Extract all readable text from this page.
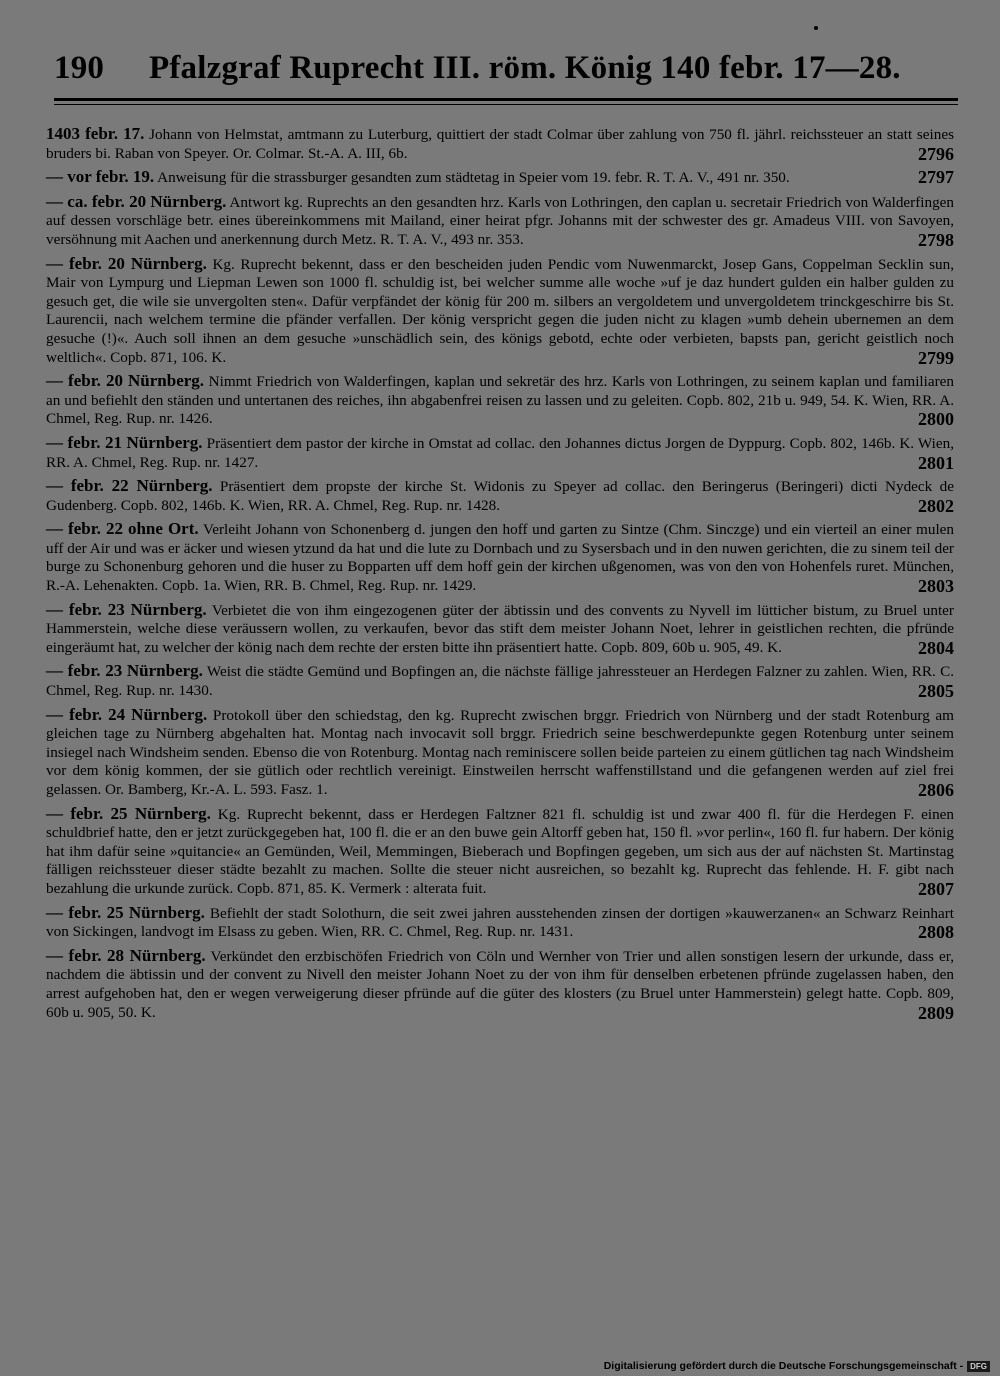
190	Pfalzgraf Ruprecht III. röm. König 140 febr. 17—28.
1403 febr. 17. Johann von Helmstat, amtmann zu Luterburg, quittiert der stadt Colmar über zahlung von 750 fl. jährl. reichssteuer an statt seines bruders bi. Raban von Speyer. Or. Colmar. St.-A. A. III, 6b.	2796
— vor febr. 19. Anweisung für die strassburger gesandten zum städtetag in Speier vom 19. febr. R. T. A. V., 491 nr. 350.	2797
— ca. febr. 20 Nürnberg. Antwort kg. Ruprechts an den gesandten hrz. Karls von Lothringen, den caplan u. secretair Friedrich von Walderfingen auf dessen vorschläge betr. eines übereinkommens mit Mailand, einer heirat pfgr. Johanns mit der schwester des gr. Amadeus VIII. von Savoyen, versöhnung mit Aachen und anerkennung durch Metz. R. T. A. V., 493 nr. 353.	2798
— febr. 20 Nürnberg. Kg. Ruprecht bekennt, dass er den bescheiden juden Pendic vom Nuwenmarckt, Josep Gans, Coppelman Secklin sun, Mair von Lympurg und Liepman Lewen son 1000 fl. schuldig ist, bei welcher summe alle woche »uf je daz hundert gulden ein halber gulden zu gesuch get, die wile sie unvergolten sten«. Dafür verpfändet der könig für 200 m. silbers an vergoldetem und unvergoldetem trinckgeschirre bis St. Laurencii, nach welchem termine die pfänder verfallen. Der könig verspricht gegen die juden nicht zu klagen »umb dehein ubernemen an dem gesuche (!)«. Auch soll ihnen an dem gesuche »unschädlich sein, des königs gebotd, echte oder verbieten, bapsts pan, gericht geistlich noch weltlich«. Copb. 871, 106. K.	2799
— febr. 20 Nürnberg. Nimmt Friedrich von Walderfingen, kaplan und sekretär des hrz. Karls von Lothringen, zu seinem kaplan und familiaren an und befiehlt den ständen und untertanen des reiches, ihn abgabenfrei reisen zu lassen und zu geleiten. Copb. 802, 21b u. 949, 54. K. Wien, RR. A. Chmel, Reg. Rup. nr. 1426.	2800
— febr. 21 Nürnberg. Präsentiert dem pastor der kirche in Omstat ad collac. den Johannes dictus Jorgen de Dyppurg. Copb. 802, 146b. K. Wien, RR. A. Chmel, Reg. Rup. nr. 1427.	2801
— febr. 22 Nürnberg. Präsentiert dem propste der kirche St. Widonis zu Speyer ad collac. den Beringerus (Beringeri) dicti Nydeck de Gudenberg. Copb. 802, 146b. K. Wien, RR. A. Chmel, Reg. Rup. nr. 1428.	2802
— febr. 22 ohne Ort. Verleiht Johann von Schonenberg d. jungen den hoff und garten zu Sintze (Chm. Sinczge) und ein vierteil an einer mulen uff der Air und was er äcker und wiesen ytzund da hat und die lute zu Dornbach und zu Sysersbach und in den nuwen gerichten, die zu sinem teil der burge zu Schonenburg gehoren und die huser zu Bopparten uff dem hoff gein der kirchen ußgenomen, was von den von Hohenfels ruret. München, R.-A. Lehenakten. Copb. 1a. Wien, RR. B. Chmel, Reg. Rup. nr. 1429.	2803
— febr. 23 Nürnberg. Verbietet die von ihm eingezogenen güter der äbtissin und des convents zu Nyvell im lütticher bistum, zu Bruel unter Hammerstein, welche diese veräussern wollen, zu verkaufen, bevor das stift dem meister Johann Noet, lehrer in geistlichen rechten, die pfründe eingeräumt hat, zu welcher der könig nach dem rechte der ersten bitte ihn präsentiert hatte. Copb. 809, 60b u. 905, 49. K.	2804
— febr. 23 Nürnberg. Weist die städte Gemünd und Bopfingen an, die nächste fällige jahressteuer an Herdegen Falzner zu zahlen. Wien, RR. C. Chmel, Reg. Rup. nr. 1430.	2805
— febr. 24 Nürnberg. Protokoll über den schiedstag, den kg. Ruprecht zwischen brggr. Friedrich von Nürnberg und der stadt Rotenburg am gleichen tage zu Nürnberg abgehalten hat. Montag nach invocavit soll brggr. Friedrich seine beschwerdepunkte gegen Rotenburg unter seinem insiegel nach Windsheim senden. Ebenso die von Rotenburg. Montag nach reminiscere sollen beide parteien zu einem gütlichen tag nach Windsheim vor dem könig kommen, der sie gütlich oder rechtlich vereinigt. Einstweilen herrscht waffenstillstand und die gefangenen werden auf ziel frei gelassen. Or. Bamberg, Kr.-A. L. 593. Fasz. 1.	2806
— febr. 25 Nürnberg. Kg. Ruprecht bekennt, dass er Herdegen Faltzner 821 fl. schuldig ist und zwar 400 fl. für die Herdegen F. einen schuldbrief hatte, den er jetzt zurückgegeben hat, 100 fl. die er an den buwe gein Altorff geben hat, 150 fl. »vor perlin«, 160 fl. fur habern. Der könig hat ihm dafür seine »quitancie« an Gemünden, Weil, Memmingen, Bieberach und Bopfingen gegeben, um sich aus der auf nächsten St. Martinstag fälligen reichssteuer dieser städte bezahlt zu machen. Sollte die steuer nicht ausreichen, so bezahlt kg. Ruprecht das fehlende. H. F. gibt nach bezahlung die urkunde zurück. Copb. 871, 85. K. Vermerk : alterata fuit.	2807
— febr. 25 Nürnberg. Befiehlt der stadt Solothurn, die seit zwei jahren ausstehenden zinsen der dortigen »kauwerzanen« an Schwarz Reinhart von Sickingen, landvogt im Elsass zu geben. Wien, RR. C. Chmel, Reg. Rup. nr. 1431.	2808
— febr. 28 Nürnberg. Verkündet den erzbischöfen Friedrich von Cöln und Wernher von Trier und allen sonstigen lesern der urkunde, dass er, nachdem die äbtissin und der convent zu Nivell den meister Johann Noet zu der von ihm für denselben erbetenen pfründe zugelassen haben, den arrest aufgehoben hat, den er wegen verweigerung dieser pfründe auf die güter des klosters (zu Bruel unter Hammerstein) gelegt hatte. Copb. 809, 60b u. 905, 50. K.	2809
Digitalisierung gefördert durch die Deutsche Forschungsgemeinschaft - DFG
